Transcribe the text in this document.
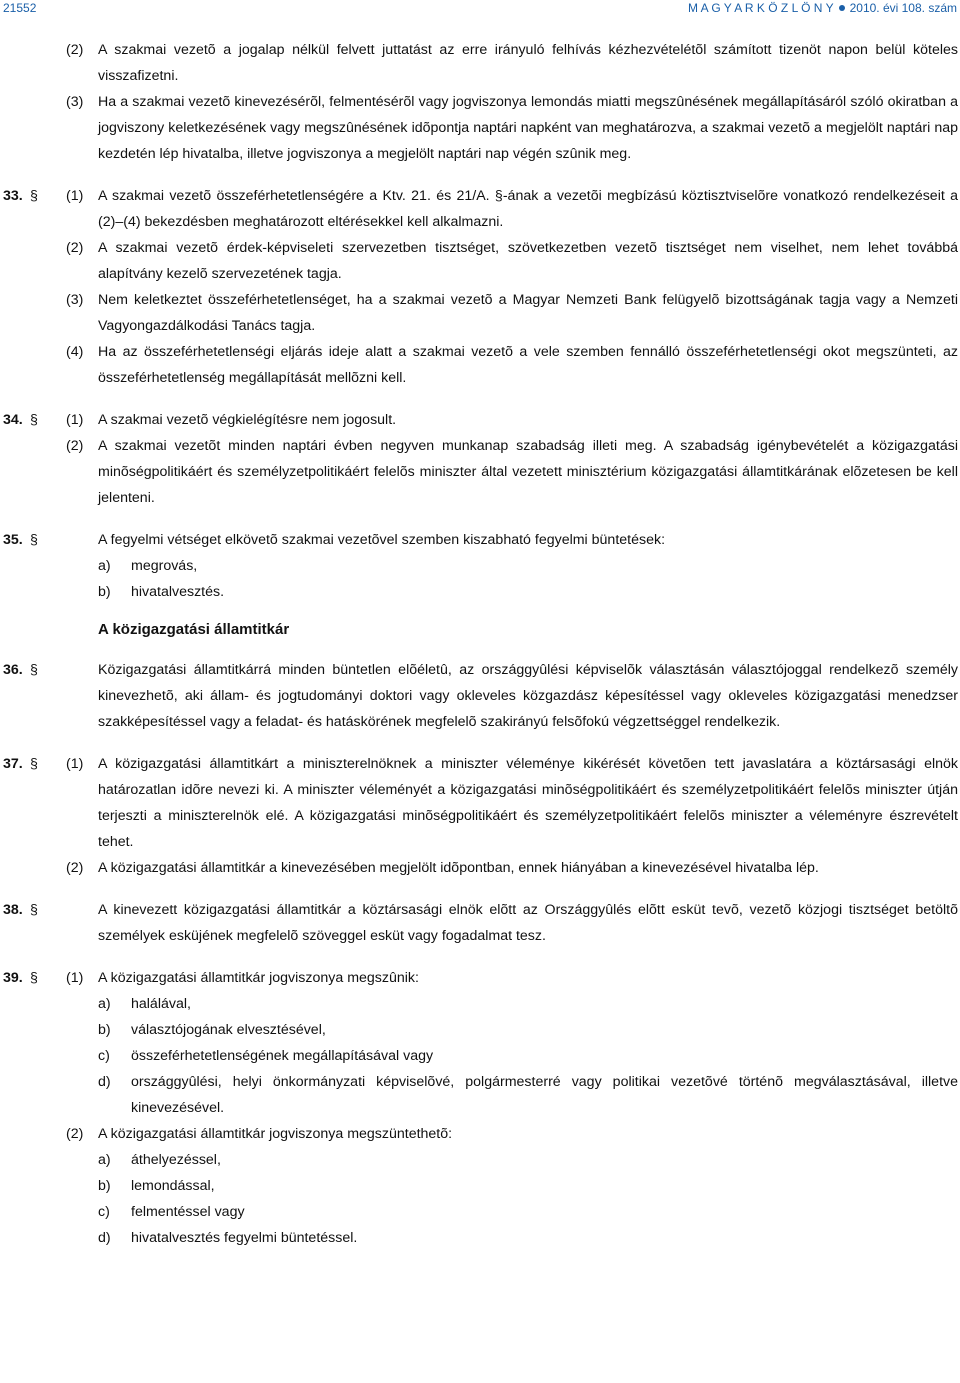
21552	M A G Y A R K Ö Z L Ö N Y 2010. évi 108. szám
(2) A szakmai vezetõ a jogalap nélkül felvett juttatást az erre irányuló felhívás kézhezvételétõl számított tizenöt napon belül köteles visszafizetni.
(3) Ha a szakmai vezetõ kinevezésérõl, felmentésérõl vagy jogviszonya lemondás miatti megszûnésének megállapításáról szóló okiratban a jogviszony keletkezésének vagy megszûnésének idõpontja naptári napként van meghatározva, a szakmai vezetõ a megjelölt naptári nap kezdetén lép hivatalba, illetve jogviszonya a megjelölt naptári nap végén szûnik meg.
33. § (1) A szakmai vezetõ összeférhetetlenségére a Ktv. 21. és 21/A. §-ának a vezetõi megbízású köztisztviselõre vonatkozó rendelkezéseit a (2)–(4) bekezdésben meghatározott eltérésekkel kell alkalmazni.
(2) A szakmai vezetõ érdek-képviseleti szervezetben tisztséget, szövetkezetben vezetõ tisztséget nem viselhet, nem lehet továbbá alapítvány kezelõ szervezetének tagja.
(3) Nem keletkeztet összeférhetetlenséget, ha a szakmai vezetõ a Magyar Nemzeti Bank felügyelõ bizottságának tagja vagy a Nemzeti Vagyongazdálkodási Tanács tagja.
(4) Ha az összeférhetetlenségi eljárás ideje alatt a szakmai vezetõ a vele szemben fennálló összeférhetetlenségi okot megszünteti, az összeférhetetlenség megállapítását mellõzni kell.
34. § (1) A szakmai vezetõ végkielégítésre nem jogosult.
(2) A szakmai vezetõt minden naptári évben negyven munkanap szabadság illeti meg. A szabadság igénybevételét a közigazgatási minõségpolitikáért és személyzetpolitikáért felelõs miniszter által vezetett minisztérium közigazgatási államtitkárának elõzetesen be kell jelenteni.
35. §	A fegyelmi vétséget elkövetõ szakmai vezetõvel szemben kiszabható fegyelmi büntetések:
a) megrovás,
b) hivatalvesztés.
A közigazgatási államtitkár
36. §	Közigazgatási államtitkárrá minden büntetlen elõéletû, az országgyûlési képviselõk választásán választójoggal rendelkezõ személy kinevezhetõ, aki állam- és jogtudományi doktori vagy okleveles közgazdász képesítéssel vagy okleveles közigazgatási menedzser szakképesítéssel vagy a feladat- és hatáskörének megfelelõ szakirányú felsõfokú végzettséggel rendelkezik.
37. § (1) A közigazgatási államtitkárt a miniszterelnöknek a miniszter véleménye kikérését követõen tett javaslatára a köztársasági elnök határozatlan idõre nevezi ki. A miniszter véleményét a közigazgatási minõségpolitikáért és személyzetpolitikáért felelõs miniszter útján terjeszti a miniszterelnök elé. A közigazgatási minõségpolitikáért és személyzetpolitikáért felelõs miniszter a véleményre észrevételt tehet.
(2) A közigazgatási államtitkár a kinevezésében megjelölt idõpontban, ennek hiányában a kinevezésével hivatalba lép.
38. §	A kinevezett közigazgatási államtitkár a köztársasági elnök elõtt az Országgyûlés elõtt esküt tevõ, vezetõ közjogi tisztséget betöltõ személyek esküjének megfelelõ szöveggel esküt vagy fogadalmat tesz.
39. § (1) A közigazgatási államtitkár jogviszonya megszûnik:
a) halálával,
b) választójogának elvesztésével,
c) összeférhetetlenségének megállapításával vagy
d) országgyûlési, helyi önkormányzati képviselõvé, polgármesterré vagy politikai vezetõvé történõ megválasztásával, illetve kinevezésével.
(2) A közigazgatási államtitkár jogviszonya megszüntethetõ:
a) áthelyezéssel,
b) lemondással,
c) felmentéssel vagy
d) hivatalvesztés fegyelmi büntetéssel.
